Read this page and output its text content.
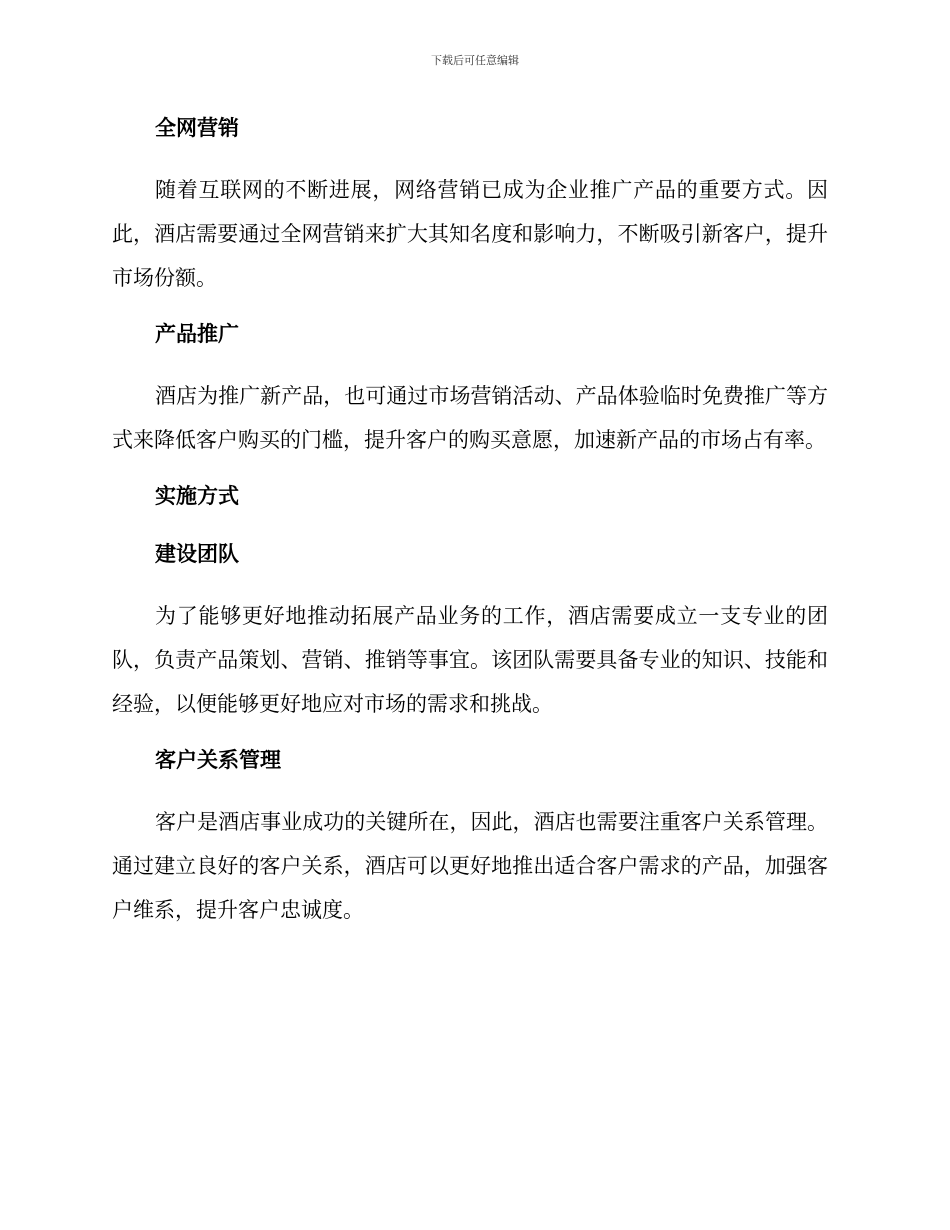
下载后可任意编辑
全网营销

随着互联网的不断进展，网络营销已成为企业推广产品的重要方式。因此，酒店需要通过全网营销来扩大其知名度和影响力，不断吸引新客户，提升市场份额。

产品推广

酒店为推广新产品，也可通过市场营销活动、产品体验临时免费推广等方式来降低客户购买的门槛，提升客户的购买意愿，加速新产品的市场占有率。

实施方式
建设团队

为了能够更好地推动拓展产品业务的工作，酒店需要成立一支专业的团队，负责产品策划、营销、推销等事宜。该团队需要具备专业的知识、技能和经验，以便能够更好地应对市场的需求和挑战。

客户关系管理

客户是酒店事业成功的关键所在，因此，酒店也需要注重客户关系管理。通过建立良好的客户关系，酒店可以更好地推出适合客户需求的产品，加强客户维系，提升客户忠诚度。
